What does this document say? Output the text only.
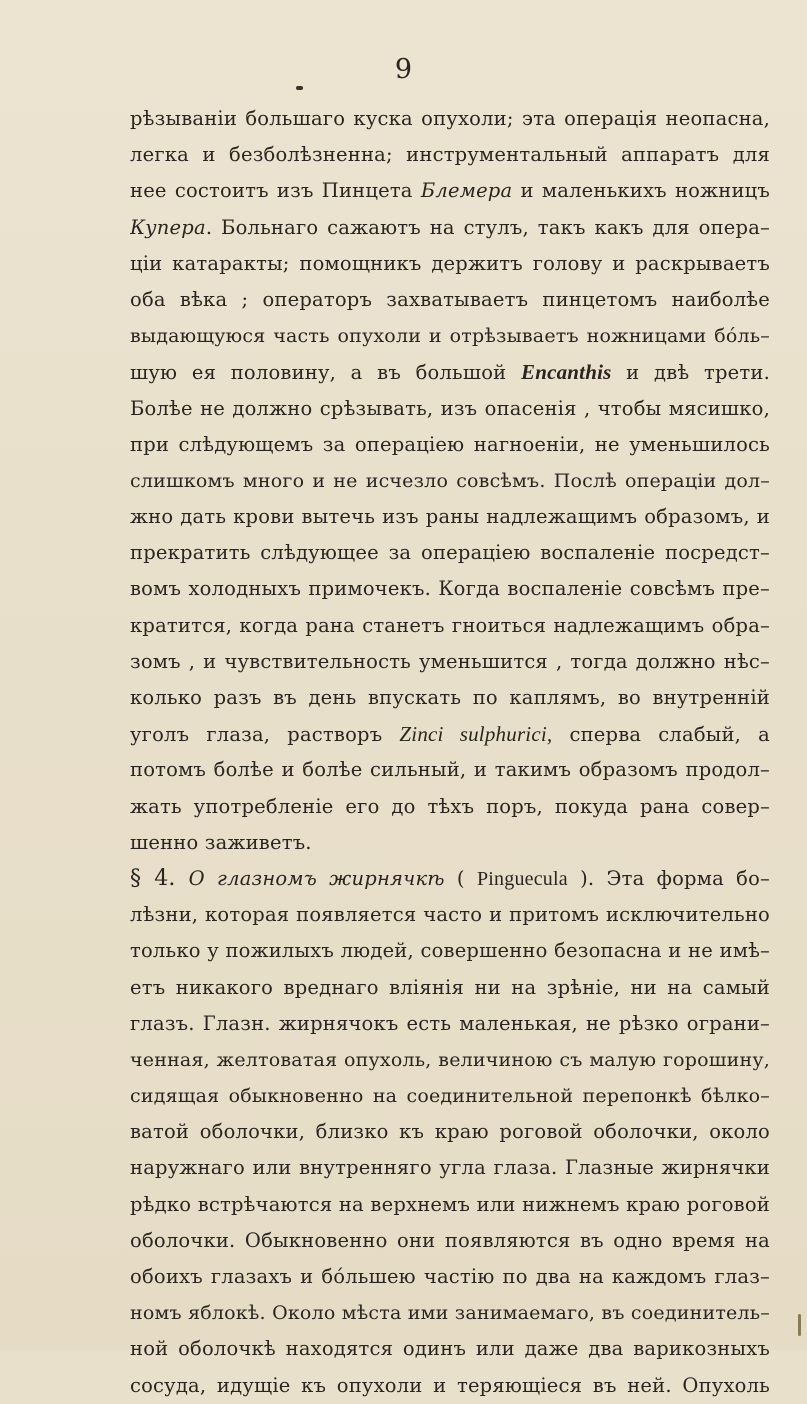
9
рѣзываніи большаго куска опухоли; эта операція неопасна,
легка и безболѣзненна; инструментальный аппаратъ для
нее состоитъ изъ Пинцета Блемера и маленькихъ ножницъ
Купера. Больнаго сажаютъ на стулъ, такъ какъ для опера–
ціи катаракты; помощникъ держитъ голову и раскрываетъ
оба вѣка ; операторъ захватываетъ пинцетомъ наиболѣе
выдающуюся часть опухоли и отрѣзываетъ ножницами бо́ль–
шую ея половину, а въ большой Encanthis и двѣ трети.
Болѣе не должно срѣзывать, изъ опасенія , чтобы мясишко,
при слѣдующемъ за операціею нагноеніи, не уменьшилось
слишкомъ много и не исчезло совсѣмъ. Послѣ операціи дол–
жно дать крови вытечь изъ раны надлежащимъ образомъ, и
прекратить слѣдующее за операціею воспаленіе посредст–
вомъ холодныхъ примочекъ. Когда воспаленіе совсѣмъ пре–
кратится, когда рана станетъ гноиться надлежащимъ обра–
зомъ , и чувствительность уменьшится , тогда должно нѣс–
колько разъ въ день впускать по каплямъ, во внутренній
уголъ глаза, растворъ Zinci sulphurici, сперва слабый, а
потомъ болѣе и болѣе сильный, и такимъ образомъ продол–
жать употребленіе его до тѣхъ поръ, покуда рана совер–
шенно заживетъ.
§ 4. О глазномъ жирнячкѣ ( Pinguecula ). Эта форма бо–
лѣзни, которая появляется часто и притомъ исключительно
только у пожилыхъ людей, совершенно безопасна и не имѣ–
етъ никакого вреднаго вліянія ни на зрѣніе, ни на самый
глазъ. Глазн. жирнячокъ есть маленькая, не рѣзко ограни–
ченная, желтоватая опухоль, величиною съ малую горошину,
сидящая обыкновенно на соединительной перепонкѣ бѣлко–
ватой оболочки, близко къ краю роговой оболочки, около
наружнаго или внутренняго угла глаза. Глазные жирнячки
рѣдко встрѣчаются на верхнемъ или нижнемъ краю роговой
оболочки. Обыкновенно они появляются въ одно время на
обоихъ глазахъ и бо́льшею частію по два на каждомъ глаз–
номъ яблокѣ. Около мѣста ими занимаемаго, въ соединитель–
ной оболочкѣ находятся одинъ или даже два варикозныхъ
сосуда, идущіе къ опухоли и теряющіеся въ ней. Опухоль
